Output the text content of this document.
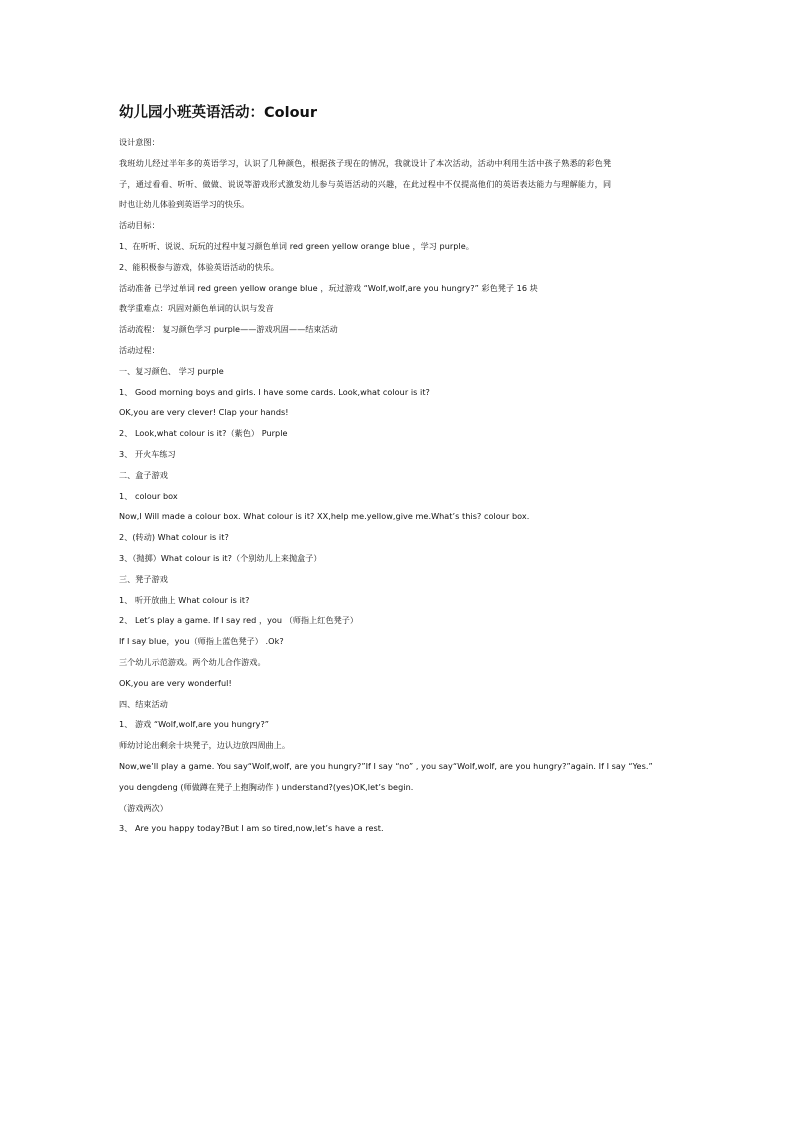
幼儿园小班英语活动：Colour
设计意图：
我班幼儿经过半年多的英语学习，认识了几种颜色，根据孩子现在的情况，我就设计了本次活动，活动中利用生活中孩子熟悉的彩色凳
子，通过看看、听听、做做、说说等游戏形式激发幼儿参与英语活动的兴趣，在此过程中不仅提高他们的英语表达能力与理解能力，同
时也让幼儿体验到英语学习的快乐。
活动目标：
1、在听听、说说、玩玩的过程中复习颜色单词 red green yellow orange blue ，学习 purple。
2、能积极参与游戏，体验英语活动的快乐。
活动准备 已学过单词 red green yellow orange blue ，玩过游戏 “Wolf,wolf,are you hungry?” 彩色凳子 16 块
教学重难点：巩固对颜色单词的认识与发音
活动流程： 复习颜色学习 purple——游戏巩固——结束活动
活动过程：
一、复习颜色、 学习 purple
1、 Good morning boys and girls. I have some cards. Look,what colour is it?
OK,you are very clever! Clap your hands!
2、 Look,what colour is it?（紫色） Purple
3、 开火车练习
二、盒子游戏
1、 colour box
Now,I Will made a colour box. What colour is it? XX,help me.yellow,give me.What’s this? colour box.
2、(转动) What colour is it?
3、（抛掷）What colour is it?（个别幼儿上来抛盒子）
三、凳子游戏
1、 听开放曲上 What colour is it?
2、 Let’s play a game. If I say red ，you （师指上红色凳子）
If I say blue，you（师指上蓝色凳子） .Ok?
三个幼儿示范游戏。两个幼儿合作游戏。
OK,you are very wonderful!
四、结束活动
1、 游戏 “Wolf,wolf,are you hungry?”
师幼讨论出剩余十块凳子，边认边放四周曲上。
Now,we’ll play a game. You say“Wolf,wolf, are you hungry?”If I say “no” , you say“Wolf,wolf, are you hungry?”again. If I say “Yes.”
you dengdeng (师做蹲在凳子上抱胸动作 ) understand?(yes)OK,let’s begin.
（游戏两次）
3、 Are you happy today?But I am so tired,now,let’s have a rest.
